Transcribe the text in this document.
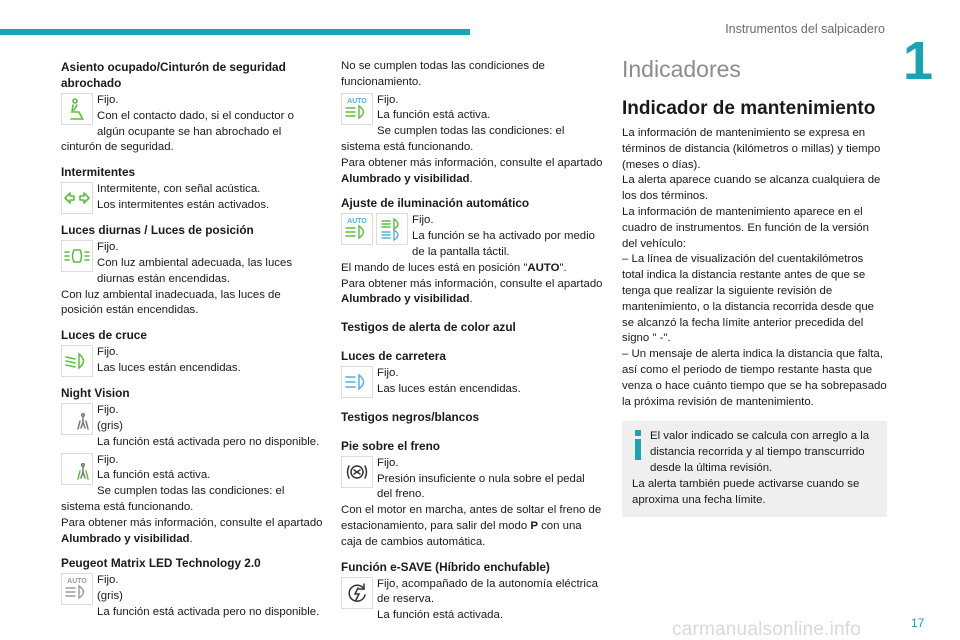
Instrumentos del salpicadero
1
17
carmanualsonline.info
Asiento ocupado/Cinturón de seguridad abrochado
Fijo.
Con el contacto dado, si el conductor o algún ocupante se han abrochado el cinturón de seguridad.
Intermitentes
Intermitente, con señal acústica.
Los intermitentes están activados.
Luces diurnas / Luces de posición
Fijo.
Con luz ambiental adecuada, las luces diurnas están encendidas.
Con luz ambiental inadecuada, las luces de posición están encendidas.
Luces de cruce
Fijo.
Las luces están encendidas.
Night Vision
Fijo.
(gris)
La función está activada pero no disponible.
Fijo.
La función está activa.
Se cumplen todas las condiciones: el sistema está funcionando.
Para obtener más información, consulte el apartado Alumbrado y visibilidad.
Peugeot Matrix LED Technology 2.0
AUTO Fijo.
(gris)
La función está activada pero no disponible.
No se cumplen todas las condiciones de funcionamiento.
AUTO Fijo.
La función está activa.
Se cumplen todas las condiciones: el sistema está funcionando.
Para obtener más información, consulte el apartado Alumbrado y visibilidad.
Ajuste de iluminación automático
AUTO	Fijo.
La función se ha activado por medio de la pantalla táctil.
El mando de luces está en posición "AUTO".
Para obtener más información, consulte el apartado Alumbrado y visibilidad.
Testigos de alerta de color azul
Luces de carretera
Fijo.
Las luces están encendidas.
Testigos negros/blancos
Pie sobre el freno
Fijo.
Presión insuficiente o nula sobre el pedal del freno.
Con el motor en marcha, antes de soltar el freno de estacionamiento, para salir del modo P con una caja de cambios automática.
Función e-SAVE (Híbrido enchufable)
Fijo, acompañado de la autonomía eléctrica de reserva.
La función está activada.
Indicadores
Indicador de mantenimiento

La información de mantenimiento se expresa en términos de distancia (kilómetros o millas) y tiempo (meses o días).

La alerta aparece cuando se alcanza cualquiera de los dos términos.

La información de mantenimiento aparece en el cuadro de instrumentos. En función de la versión del vehículo:

– La línea de visualización del cuentakilómetros total indica la distancia restante antes de que se tenga que realizar la siguiente revisión de mantenimiento, o la distancia recorrida desde que se alcanzó la fecha límite anterior precedida del signo " -".

– Un mensaje de alerta indica la distancia que falta, así como el periodo de tiempo restante hasta que venza o hace cuánto tiempo que se ha sobrepasado la próxima revisión de mantenimiento.

El valor indicado se calcula con arreglo a la distancia recorrida y al tiempo transcurrido desde la última revisión.
La alerta también puede activarse cuando se aproxima una fecha límite.
